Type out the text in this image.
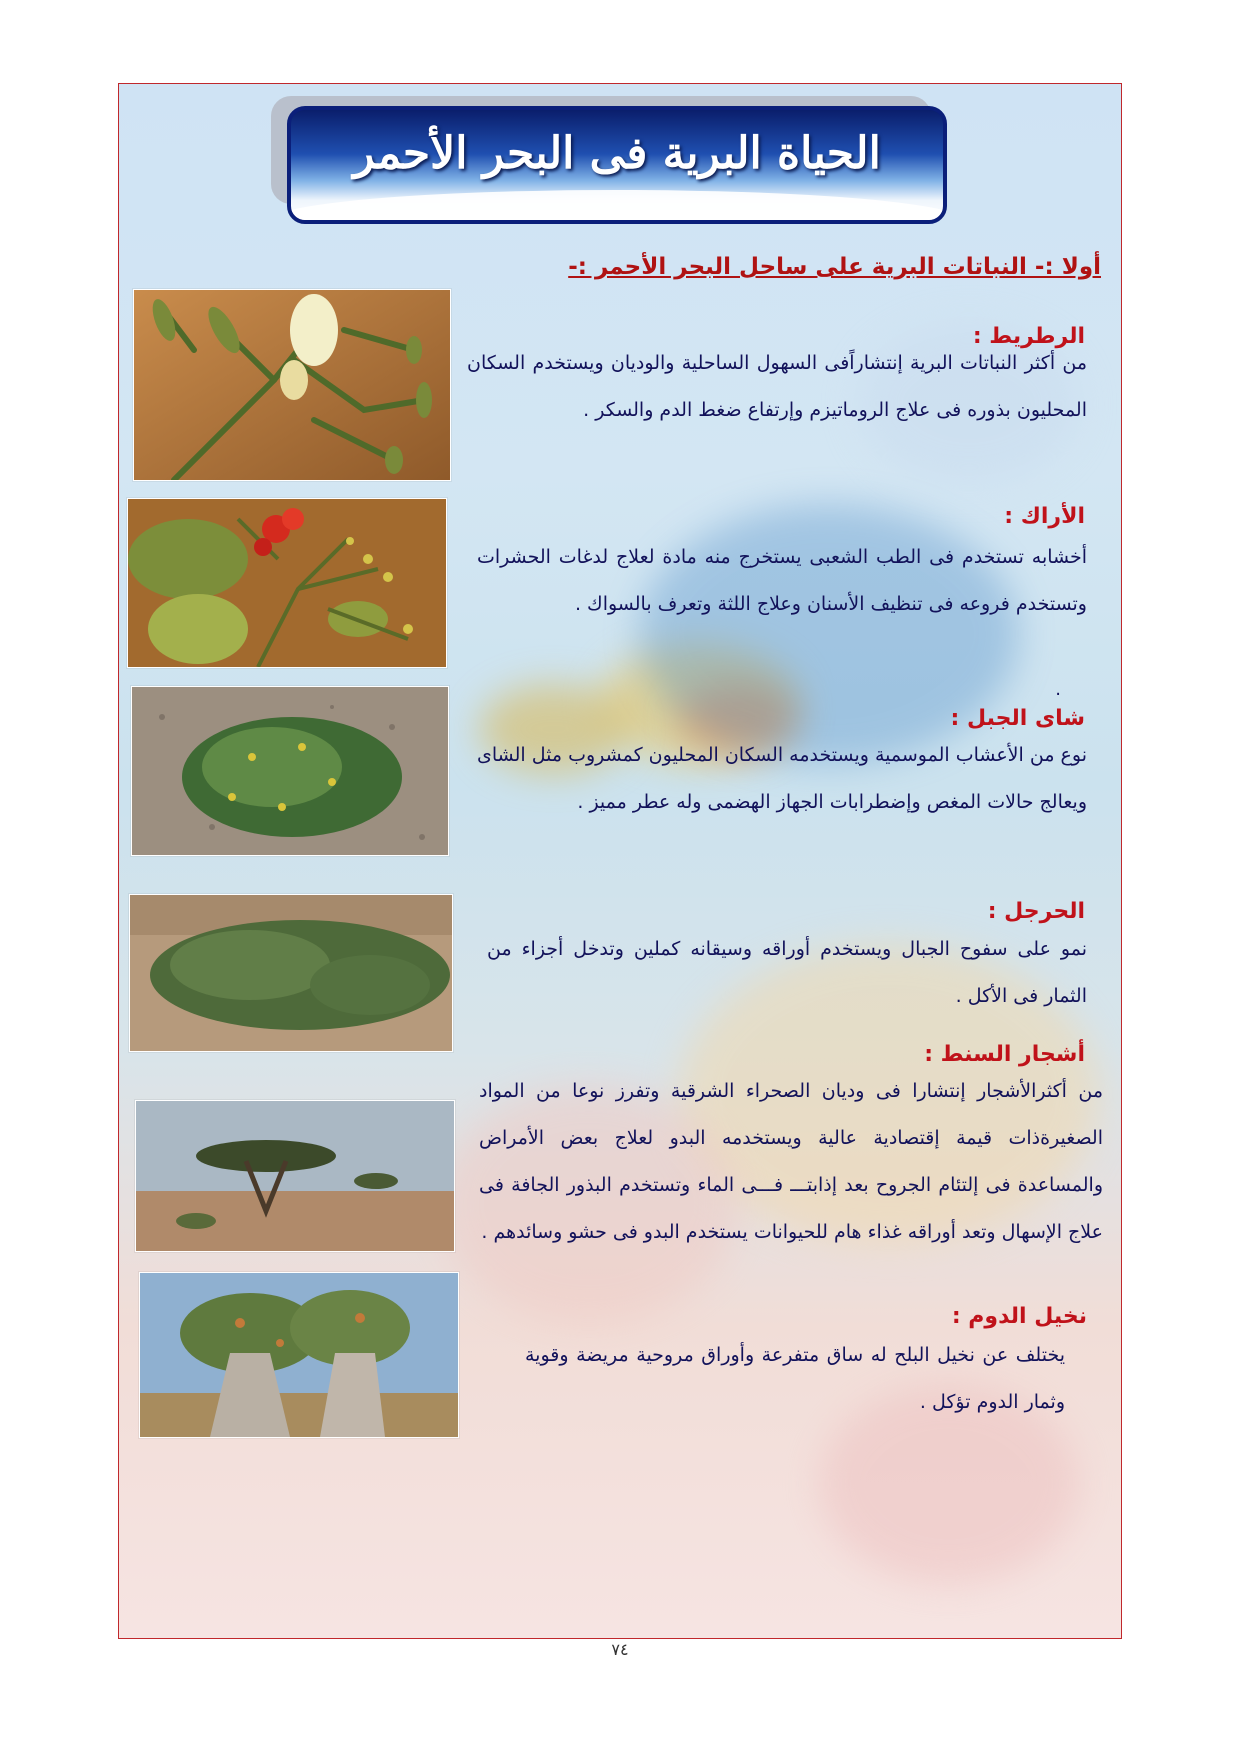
الحياة البرية فى البحر الأحمر
أولا :- النباتات البرية على ساحل البحر الأحمر :-
الرطريط :
من أكثر النباتات البرية إنتشاراًفى السهول الساحلية والوديان ويستخدم السكان المحليون بذوره فى علاج الروماتيزم وإرتفاع ضغط الدم والسكر .
الأراك :
أخشابه تستخدم فى الطب الشعبى يستخرج منه مادة لعلاج لدغات الحشرات وتستخدم فروعه فى تنظيف الأسنان وعلاج اللثة وتعرف بالسواك .
.
شاى الجبل :
نوع من الأعشاب الموسمية ويستخدمه السكان المحليون كمشروب مثل الشاى ويعالج حالات المغص وإضطرابات الجهاز الهضمى وله عطر مميز .
الحرجل :
نمو على سفوح الجبال ويستخدم أوراقه وسيقانه كملين وتدخل أجزاء من الثمار فى الأكل .
أشجار السنط :
من أكثرالأشجار إنتشارا فى وديان الصحراء الشرقية وتفرز نوعا من المواد الصغيرةذات قيمة إقتصادية عالية ويستخدمه البدو لعلاج بعض الأمراض والمساعدة فى إلتئام الجروح بعد إذابتـــ فـــى الماء وتستخدم البذور الجافة فى علاج الإسهال وتعد أوراقه غذاء هام للحيوانات يستخدم البدو فى حشو وسائدهم .
نخيل الدوم :
يختلف عن نخيل البلح له ساق متفرعة وأوراق مروحية مريضة وقوية وثمار الدوم تؤكل .
٧٤
